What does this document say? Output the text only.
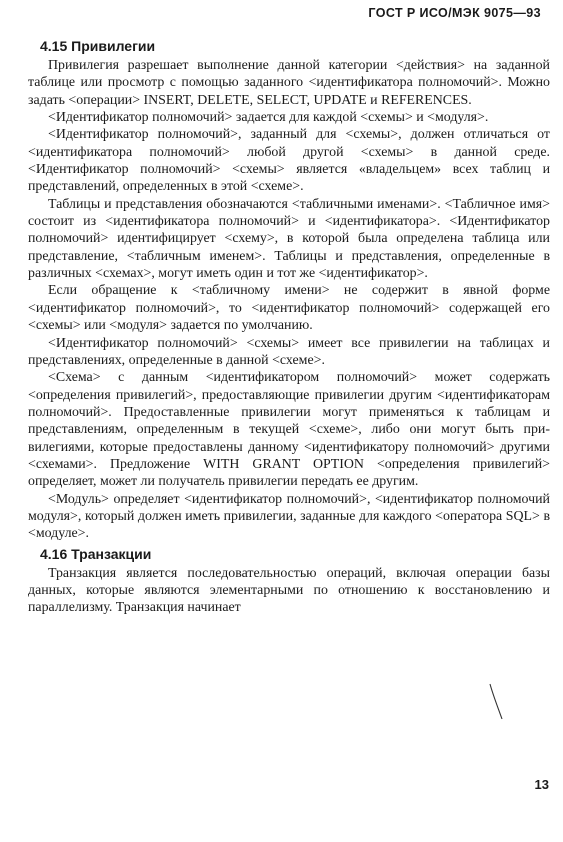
ГОСТ Р ИСО/МЭК 9075—93
4.15 Привилегии

Привилегия разрешает выполнение данной категории <действия> на заданной таблице или просмотр с помощью заданного <идентификатора полномочий>. Можно задать <операции> INSERT, DELETE, SELECT, UPDATE и REFERENCES.

<Идентификатор полномочий> задается для каждой <схемы> и <модуля>.

<Идентификатор полномочий>, заданный для <схемы>, должен отличаться от <идентификатора полномочий> любой другой <схемы> в данной среде. <Идентификатор полномочий> <схемы> является «владельцем» всех таблиц и представлений, определенных в этой <схеме>.

Таблицы и представления обозначаются <табличными именами>. <Табличное имя> состоит из <идентификатора полномочий> и <идентификатора>. <Идентификатор полномочий> идентифицирует <схему>, в которой была определена таблица или представление, <табличным именем>. Таблицы и представления, определенные в различных <схемах>, могут иметь один и тот же <идентификатор>.

Если обращение к <табличному имени> не содержит в явной форме <идентификатор полномочий>, то <идентификатор полномочий> содержащей его <схемы> или <модуля> задается по умолчанию.

<Идентификатор полномочий> <схемы> имеет все привилегии на таблицах и представлениях, определенные в данной <схеме>.

<Схема> с данным <идентификатором полномочий> может содержать <определения привилегий>, предоставляющие привилегии другим <идентификаторам полномочий>. Предоставленные привилегии могут применяться к таблицам и представлениям, определенным в текущей <схеме>, либо они могут быть привилегиями, которые предоставлены данному <идентификатору полномочий> другими <схемами>. Предложение WITH GRANT OPTION <определения привилегий> определяет, может ли получатель привилегии передать ее другим.

<Модуль> определяет <идентификатор полномочий>, <идентификатор полномочий модуля>, который должен иметь привилегии, заданные для каждого <оператора SQL> в <модуле>.

4.16 Транзакции

Транзакция является последовательностью операций, включая операции базы данных, которые являются элементарными по отношению к восстановлению и параллелизму. Транзакция начинает

13
